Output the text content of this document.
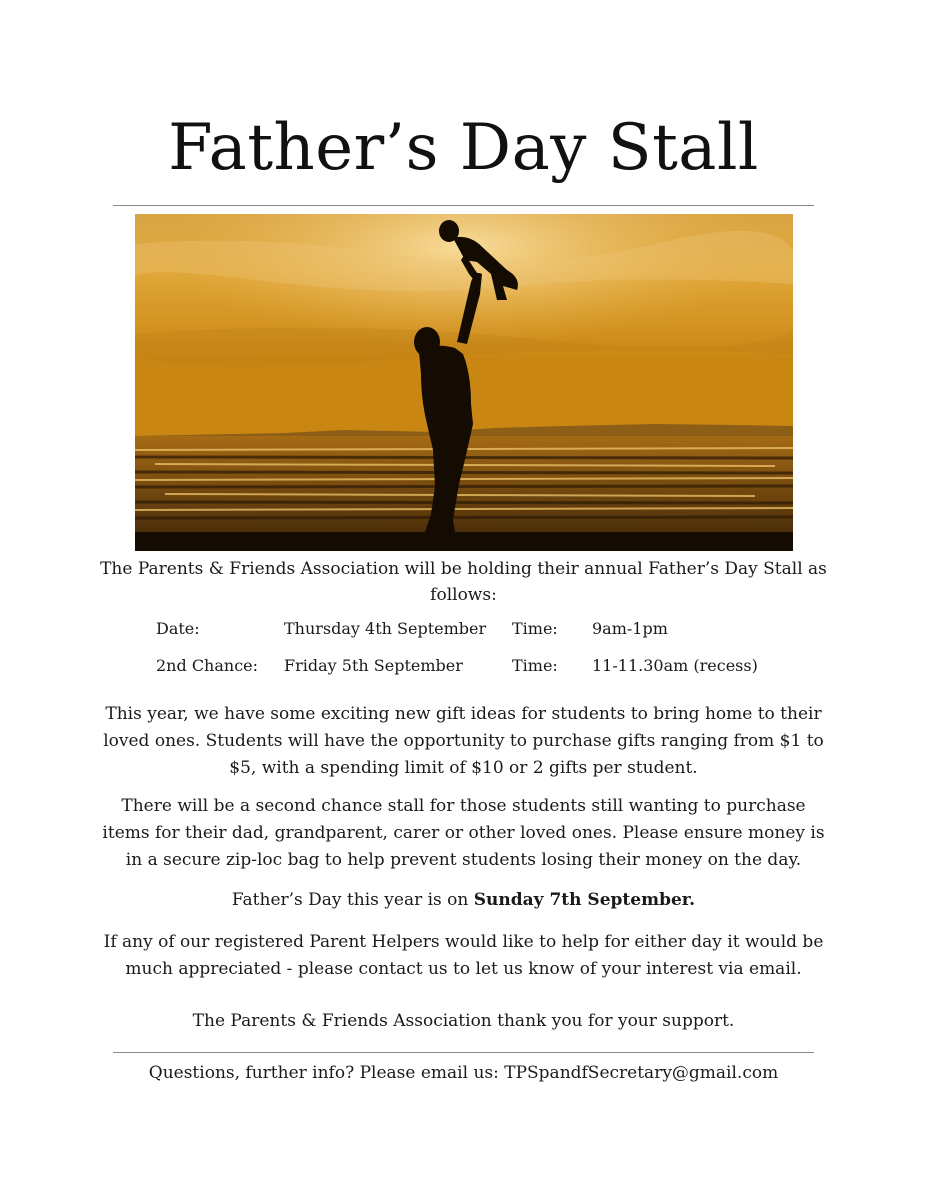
Father’s Day Stall

The Parents & Friends Association will be holding their annual Father’s Day Stall as follows:

Date:	Thursday 4th September Time: 9am-1pm
2nd Chance: Friday 5th September	Time: 11-11.30am (recess)

This year, we have some exciting new gift ideas for students to bring home to their loved ones. Students will have the opportunity to purchase gifts ranging from $1 to $5, with a spending limit of $10 or 2 gifts per student.

There will be a second chance stall for those students still wanting to purchase items for their dad, grandparent, carer or other loved ones. Please ensure money is in a secure zip-loc bag to help prevent students losing their money on the day.

Father’s Day this year is on Sunday 7th September.

If any of our registered Parent Helpers would like to help for either day it would be much appreciated - please contact us to let us know of your interest via email.

The Parents & Friends Association thank you for your support.

Questions, further info? Please email us: TPSpandfSecretary@gmail.com
